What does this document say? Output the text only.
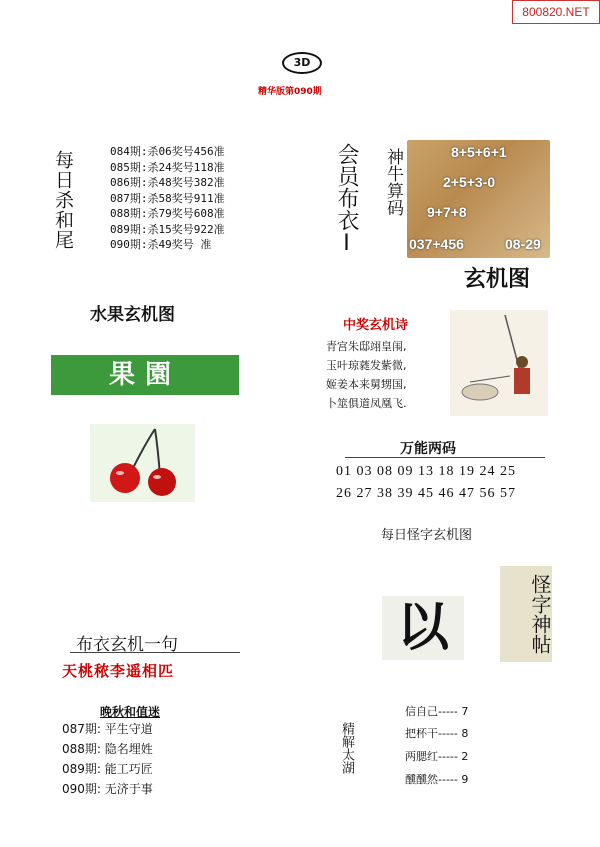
800820.NET
3D
精华版第090期
每日杀和尾	084期:杀06奖号456准
085期:杀24奖号118准
086期:杀48奖号382准
087期:杀58奖号911准
088期:杀79奖号608准
089期:杀15奖号922准
090期:杀49奖号 准	会员布衣Ⅰ 神牛算码	8+5+6+1
2+5+3-0
9+7+8
037+456	08-29
玄机图
水果玄机图
果園
中奖玄机诗
青宫朱邸翊皇闱,
玉叶琼蕤发紫微,
姬姜本来舅甥国,
卜筮俱道凤凰飞.
万能两码
01 03 08 09 13 18 19 24 25
26 27 38 39 45 46 47 56 57
每日怪字玄机图
怪字神帖
以
布衣玄机一句
天桃秾李遥相匹
晚秋和值迷
087期: 平生守道
088期: 隐名埋姓
089期: 能工巧匠
090期: 无济于事
精解太湖
信自己----- 7
把杯干----- 8
两腮红----- 2
醺醺然----- 9
